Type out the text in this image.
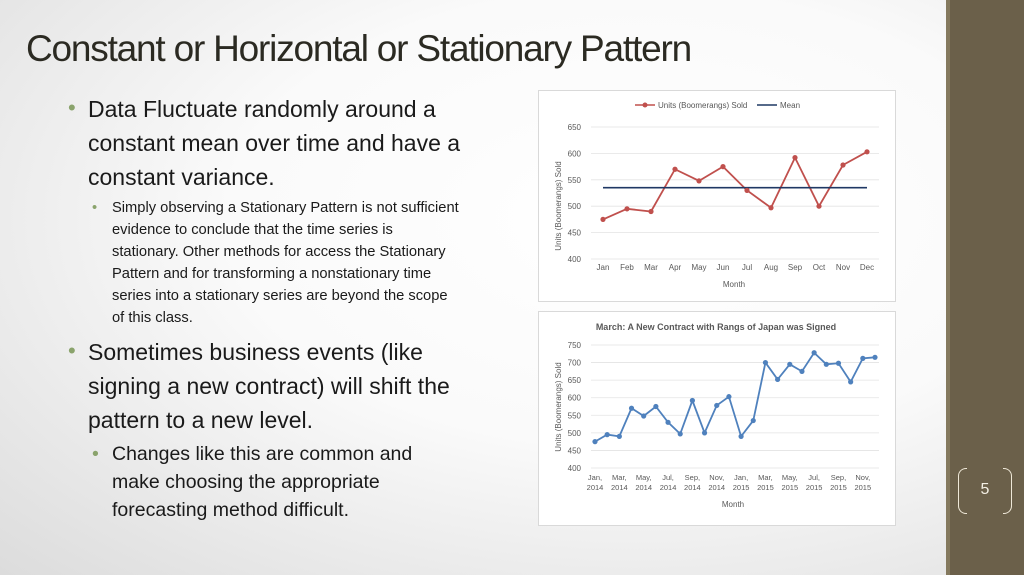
5
Constant or Horizontal or Stationary Pattern
• Data Fluctuate randomly around a constant mean over time and have a constant variance.
• Simply observing a Stationary Pattern is not sufficient evidence to conclude that the time series is stationary. Other methods for access the Stationary Pattern and for transforming a nonstationary time series into a stationary series are beyond the scope of this class.
• Sometimes business events (like signing a new contract) will shift the pattern to a new level.
• Changes like this are common and make choosing the appropriate forecasting method difficult.
400
450
500
550
600
650
Jan Feb Mar Apr May Jun Jul Aug Sep Oct Nov Dec
Units (Boomerangs) Sold	Mean
Units (Boomerangs) Sold
Month
March: A New Contract with Rangs of Japan was Signed
400
450
500
550
600
650
700
750
Jan,
2014
Mar,
2014
May,
2014
Jul,
2014
Sep,
2014
Nov,
2014
Jan,
2015
Mar,
2015
May,
2015
Jul,
2015
Sep,
2015
Nov,
2015
Units (Boomerangs) Sold
Month
